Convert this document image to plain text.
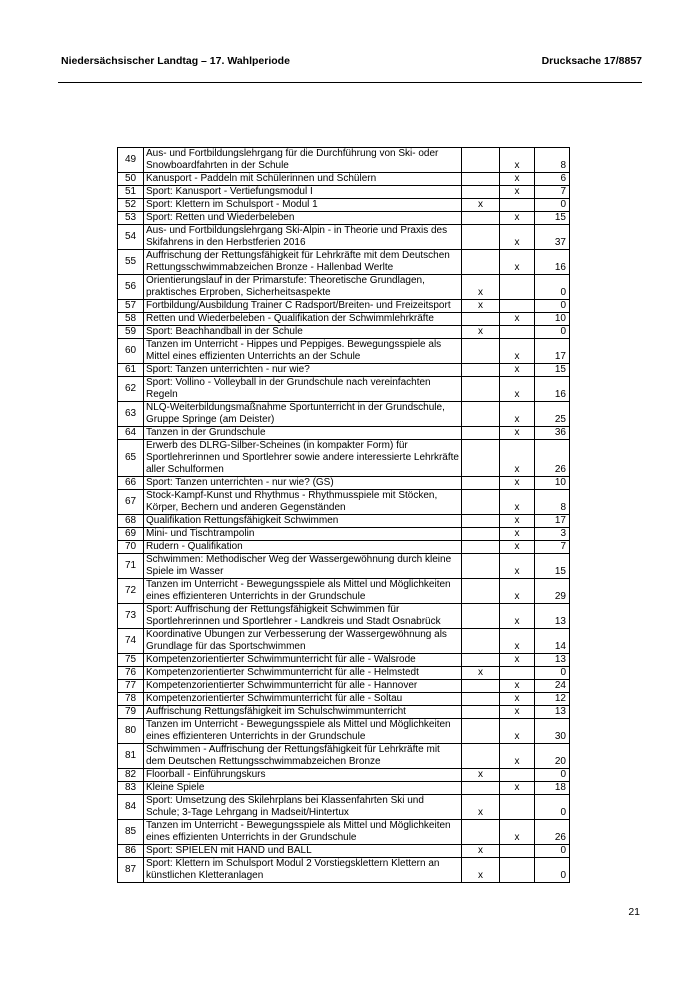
Niedersächsischer Landtag – 17. Wahlperiode	Drucksache 17/8857
49	Aus- und Fortbildungslehrgang für die Durchführung von Ski- oder Snowboardfahrten in der Schule		x	8
50	Kanusport - Paddeln mit Schülerinnen und Schülern		x	6
51	Sport: Kanusport - Vertiefungsmodul I		x	7
52	Sport: Klettern im Schulsport - Modul 1	x		0
53	Sport: Retten und Wiederbeleben		x	15
54	Aus- und Fortbildungslehrgang Ski-Alpin - in Theorie und Praxis des Skifahrens in den Herbstferien 2016		x	37
55	Auffrischung der Rettungsfähigkeit für Lehrkräfte mit dem Deutschen Rettungsschwimmabzeichen Bronze - Hallenbad Werlte		x	16
56	Orientierungslauf in der Primarstufe: Theoretische Grundlagen, praktisches Erproben, Sicherheitsaspekte	x		0
57	Fortbildung/Ausbildung Trainer C Radsport/Breiten- und Freizeitsport	x		0
58	Retten und Wiederbeleben - Qualifikation der Schwimmlehrkräfte		x	10
59	Sport: Beachhandball in der Schule	x		0
60	Tanzen im Unterricht - Hippes und Peppiges. Bewegungsspiele als Mittel eines effizienten Unterrichts an der Schule		x	17
61	Sport: Tanzen unterrichten - nur wie?		x	15
62	Sport: Vollino - Volleyball in der Grundschule nach vereinfachten Regeln		x	16
63	NLQ-Weiterbildungsmaßnahme Sportunterricht in der Grundschule, Gruppe Springe (am Deister)		x	25
64	Tanzen in der Grundschule		x	36
65	Erwerb des DLRG-Silber-Scheines (in kompakter Form) für Sportlehrerinnen und Sportlehrer sowie andere interessierte Lehrkräfte aller Schulformen		x	26
66	Sport: Tanzen unterrichten - nur wie? (GS)		x	10
67	Stock-Kampf-Kunst und Rhythmus - Rhythmusspiele mit Stöcken, Körper, Bechern und anderen Gegenständen		x	8
68	Qualifikation Rettungsfähigkeit Schwimmen		x	17
69	Mini- und Tischtrampolin		x	3
70	Rudern - Qualifikation		x	7
71	Schwimmen: Methodischer Weg der Wassergewöhnung durch kleine Spiele im Wasser		x	15
72	Tanzen im Unterricht - Bewegungsspiele als Mittel und Möglichkeiten eines effizienteren Unterrichts in der Grundschule		x	29
73	Sport: Auffrischung der Rettungsfähigkeit Schwimmen für Sportlehrerinnen und Sportlehrer - Landkreis und Stadt Osnabrück		x	13
74	Koordinative Übungen zur Verbesserung der Wassergewöhnung als Grundlage für das Sportschwimmen		x	14
75	Kompetenzorientierter Schwimmunterricht für alle - Walsrode		x	13
76	Kompetenzorientierter Schwimmunterricht für alle - Helmstedt	x		0
77	Kompetenzorientierter Schwimmunterricht für alle - Hannover		x	24
78	Kompetenzorientierter Schwimmunterricht für alle - Soltau		x	12
79	Auffrischung Rettungsfähigkeit im Schulschwimmunterricht		x	13
80	Tanzen im Unterricht - Bewegungsspiele als Mittel und Möglichkeiten eines effizienteren Unterrichts in der Grundschule		x	30
81	Schwimmen - Auffrischung der Rettungsfähigkeit für Lehrkräfte mit dem Deutschen Rettungsschwimmabzeichen Bronze		x	20
82	Floorball - Einführungskurs	x		0
83	Kleine Spiele		x	18
84	Sport: Umsetzung des Skilehrplans bei Klassenfahrten Ski und Schule; 3-Tage Lehrgang in Madseit/Hintertux	x		0
85	Tanzen im Unterricht - Bewegungsspiele als Mittel und Möglichkeiten eines effizienten Unterrichts in der Grundschule		x	26
86	Sport: SPIELEN mit HAND und BALL	x		0
87	Sport: Klettern im Schulsport Modul 2 Vorstiegsklettern Klettern an künstlichen Kletteranlagen	x		0
21
